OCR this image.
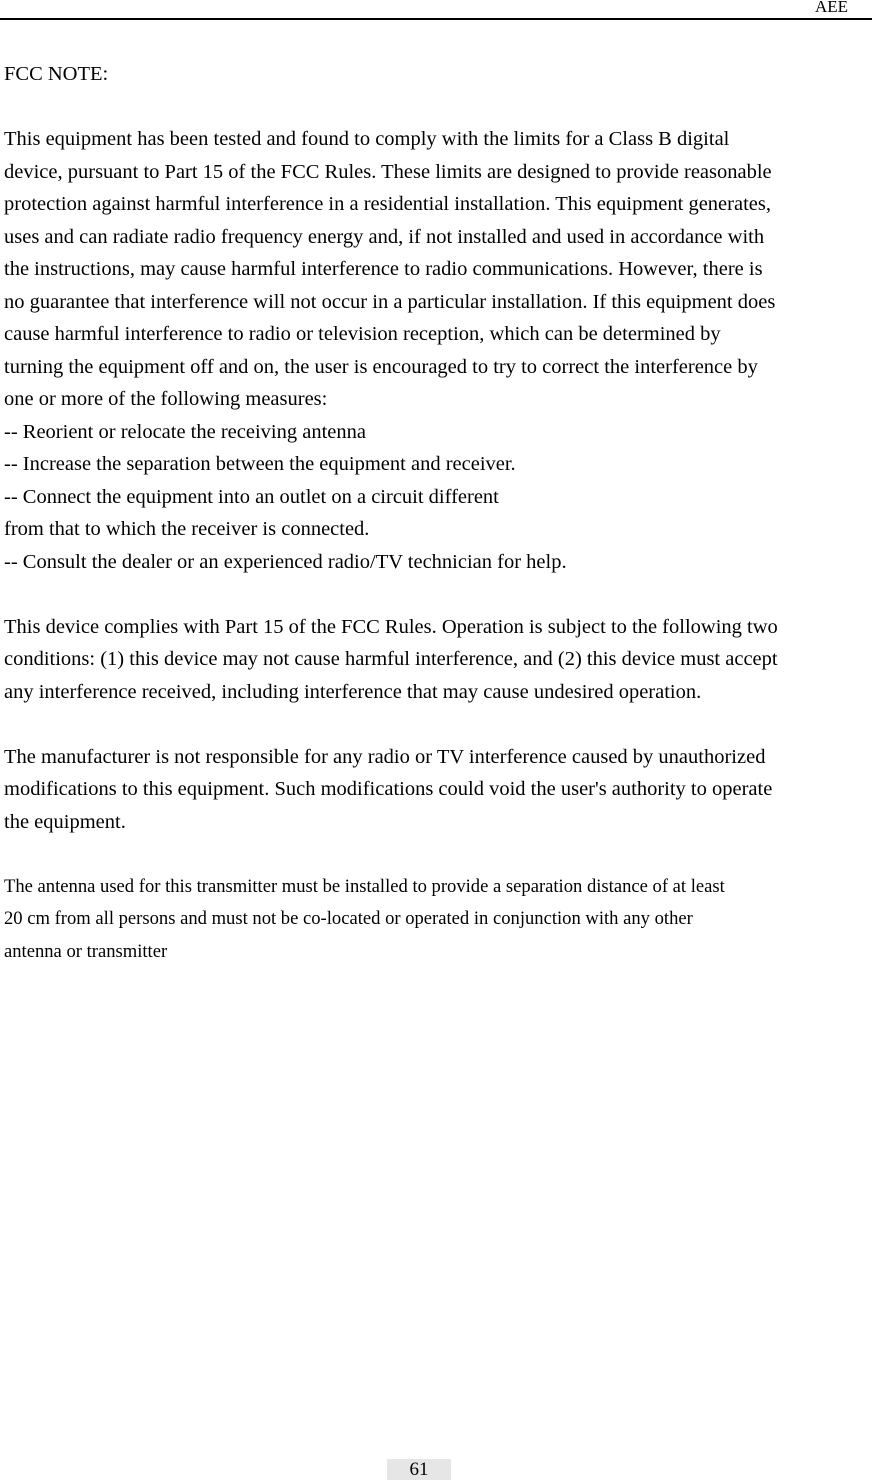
AEE

FCC NOTE:

This equipment has been tested and found to comply with the limits for a Class B digital

device, pursuant to Part 15 of the FCC Rules. These limits are designed to provide reasonable

protection against harmful interference in a residential installation. This equipment generates,

uses and can radiate radio frequency energy and, if not installed and used in accordance with

the instructions, may cause harmful interference to radio communications. However, there is

no guarantee that interference will not occur in a particular installation. If this equipment does

cause harmful interference to radio or television reception, which can be determined by

turning the equipment off and on, the user is encouraged to try to correct the interference by

one or more of the following measures:

-- Reorient or relocate the receiving antenna

-- Increase the separation between the equipment and receiver.

-- Connect the equipment into an outlet on a circuit different

from that to which the receiver is connected.

-- Consult the dealer or an experienced radio/TV technician for help.

This device complies with Part 15 of the FCC Rules. Operation is subject to the following two

conditions: (1) this device may not cause harmful interference, and (2) this device must accept

any interference received, including interference that may cause undesired operation.

The manufacturer is not responsible for any radio or TV interference caused by unauthorized

modifications to this equipment. Such modifications could void the user's authority to operate

the equipment.

The antenna used for this transmitter must be installed to provide a separation distance of at least

20 cm from all persons and must not be co-located or operated in conjunction with any other

antenna or transmitter

61
